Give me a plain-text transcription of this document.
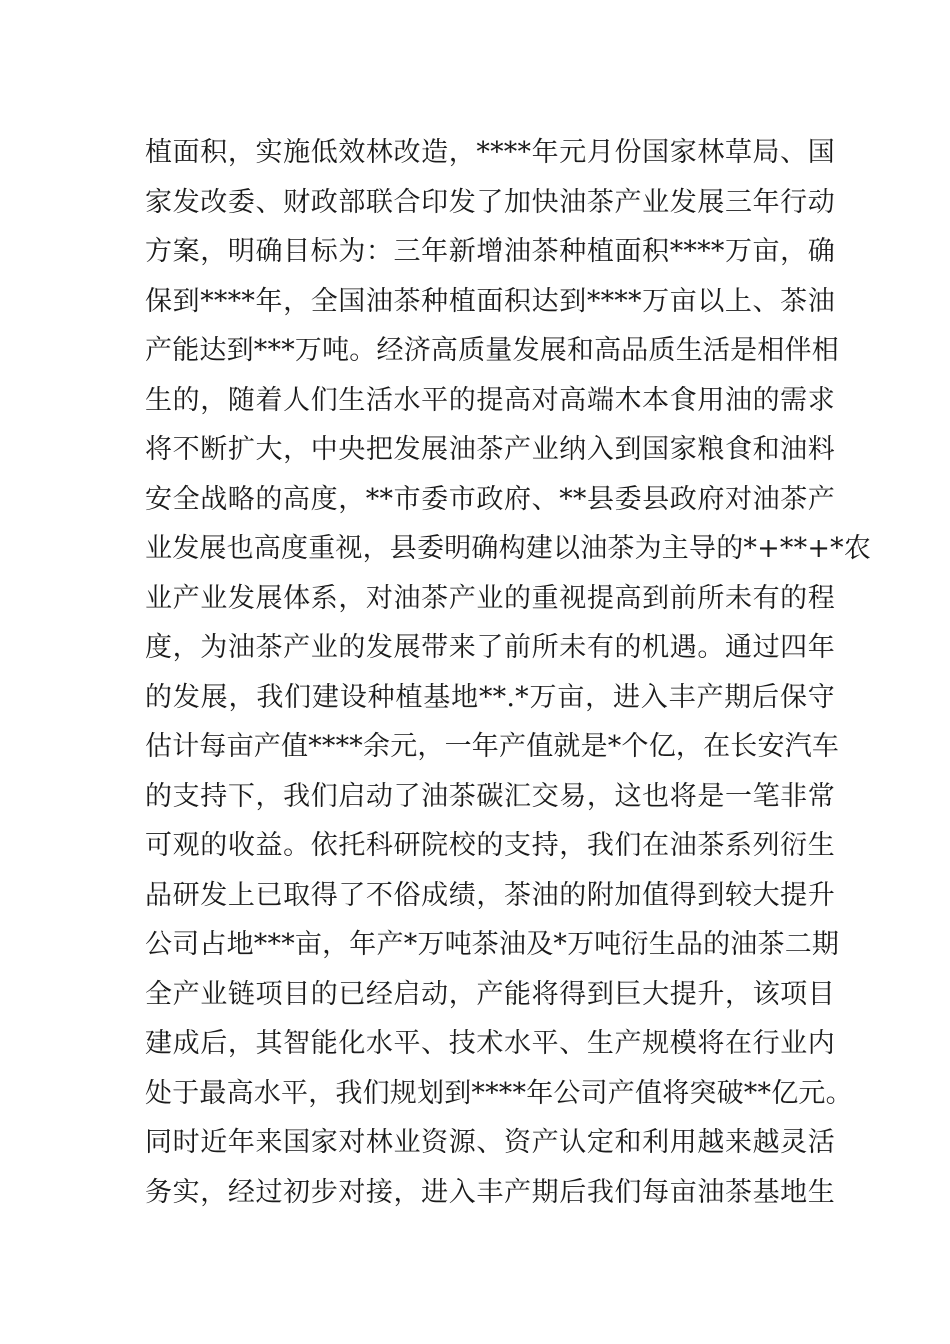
植面积，实施低效林改造，****年元月份国家林草局、国
家发改委、财政部联合印发了加快油茶产业发展三年行动
方案，明确目标为：三年新增油茶种植面积****万亩，确
保到****年，全国油茶种植面积达到****万亩以上、茶油
产能达到***万吨。经济高质量发展和高品质生活是相伴相
生的，随着人们生活水平的提高对高端木本食用油的需求
将不断扩大，中央把发展油茶产业纳入到国家粮食和油料
安全战略的高度，**市委市政府、**县委县政府对油茶产
业发展也高度重视，县委明确构建以油茶为主导的*+**+*农
业产业发展体系，对油茶产业的重视提高到前所未有的程
度，为油茶产业的发展带来了前所未有的机遇。通过四年
的发展，我们建设种植基地**.*万亩，进入丰产期后保守
估计每亩产值****余元，一年产值就是*个亿，在长安汽车
的支持下，我们启动了油茶碳汇交易，这也将是一笔非常
可观的收益。依托科研院校的支持，我们在油茶系列衍生
品研发上已取得了不俗成绩，茶油的附加值得到较大提升
公司占地***亩，年产*万吨茶油及*万吨衍生品的油茶二期
全产业链项目的已经启动，产能将得到巨大提升，该项目
建成后，其智能化水平、技术水平、生产规模将在行业内
处于最高水平，我们规划到****年公司产值将突破**亿元。
同时近年来国家对林业资源、资产认定和利用越来越灵活
务实，经过初步对接，进入丰产期后我们每亩油茶基地生
